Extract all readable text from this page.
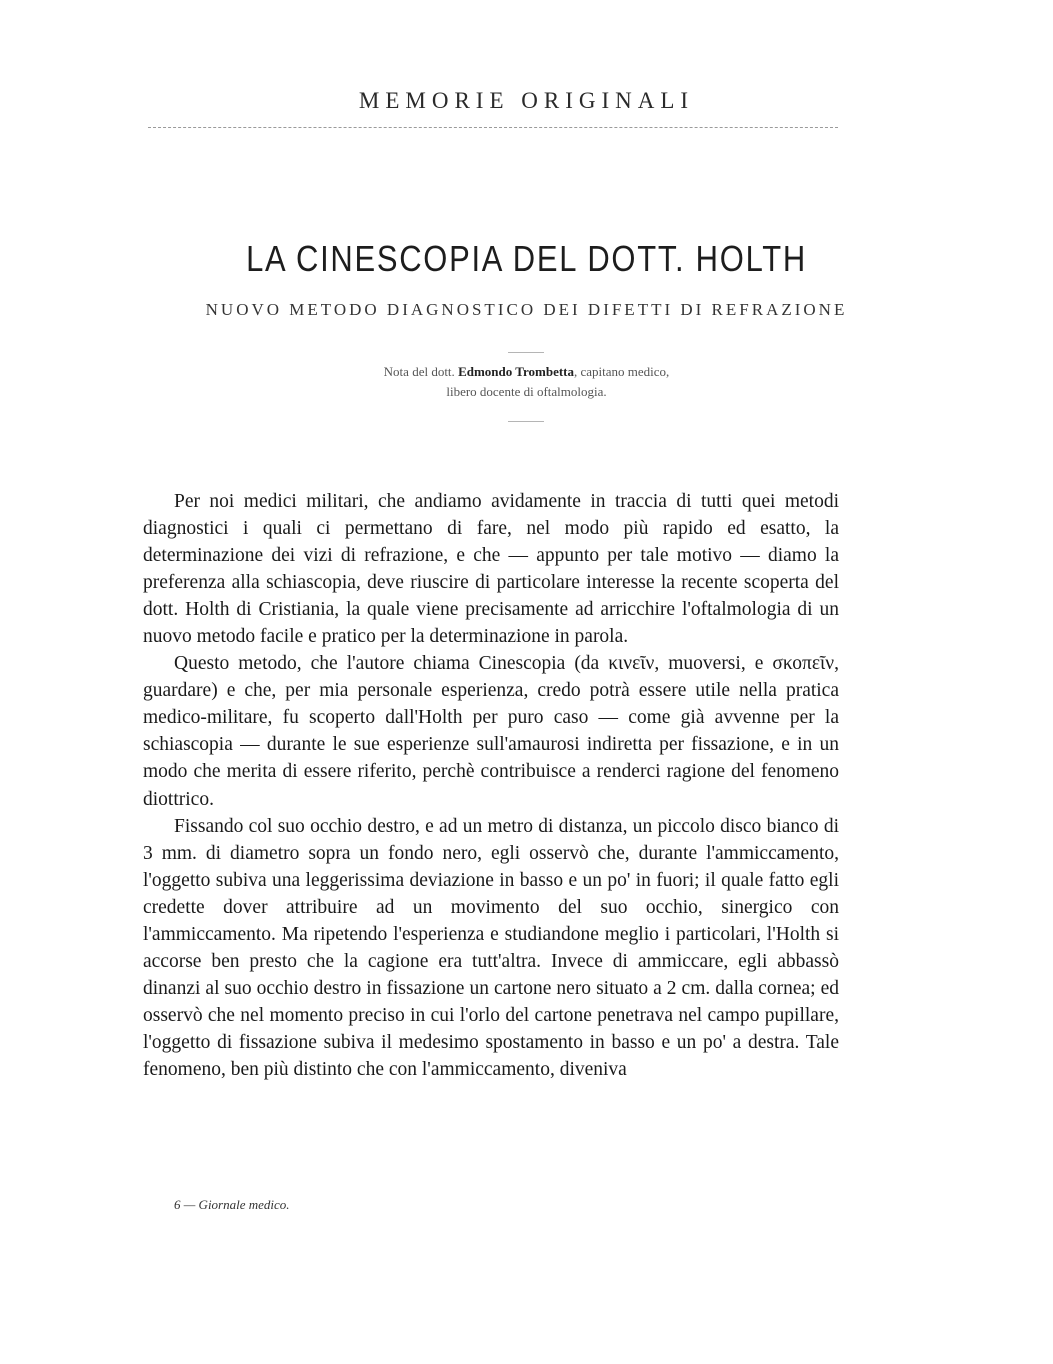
MEMORIE ORIGINALI
LA CINESCOPIA DEL DOTT. HOLTH
NUOVO METODO DIAGNOSTICO DEI DIFETTI DI REFRAZIONE
Nota del dott. Edmondo Trombetta, capitano medico,
libero docente di oftalmologia.

Per noi medici militari, che andiamo avidamente in traccia di tutti quei metodi diagnostici i quali ci permettano di fare, nel modo più rapido ed esatto, la determinazione dei vizi di refrazione, e che — appunto per tale motivo — diamo la preferenza alla schiascopia, deve riuscire di particolare interesse la recente scoperta del dott. Holth di Cristiania, la quale viene precisamente ad arricchire l'oftalmologia di un nuovo metodo facile e pratico per la determinazione in parola.

Questo metodo, che l'autore chiama Cinescopia (da κινεῖν, muoversi, e σκοπεῖν, guardare) e che, per mia personale esperienza, credo potrà essere utile nella pratica medico-militare, fu scoperto dall'Holth per puro caso — come già avvenne per la schiascopia — durante le sue esperienze sull'amaurosi indiretta per fissazione, e in un modo che merita di essere riferito, perchè contribuisce a renderci ragione del fenomeno diottrico.

Fissando col suo occhio destro, e ad un metro di distanza, un piccolo disco bianco di 3 mm. di diametro sopra un fondo nero, egli osservò che, durante l'ammiccamento, l'oggetto subiva una leggerissima deviazione in basso e un po' in fuori; il quale fatto egli credette dover attribuire ad un movimento del suo occhio, sinergico con l'ammiccamento. Ma ripetendo l'esperienza e studiandone meglio i particolari, l'Holth si accorse ben presto che la cagione era tutt'altra. Invece di ammiccare, egli abbassò dinanzi al suo occhio destro in fissazione un cartone nero situato a 2 cm. dalla cornea; ed osservò che nel momento preciso in cui l'orlo del cartone penetrava nel campo pupillare, l'oggetto di fissazione subiva il medesimo spostamento in basso e un po' a destra. Tale fenomeno, ben più distinto che con l'ammiccamento, diveniva

6 — Giornale medico.
